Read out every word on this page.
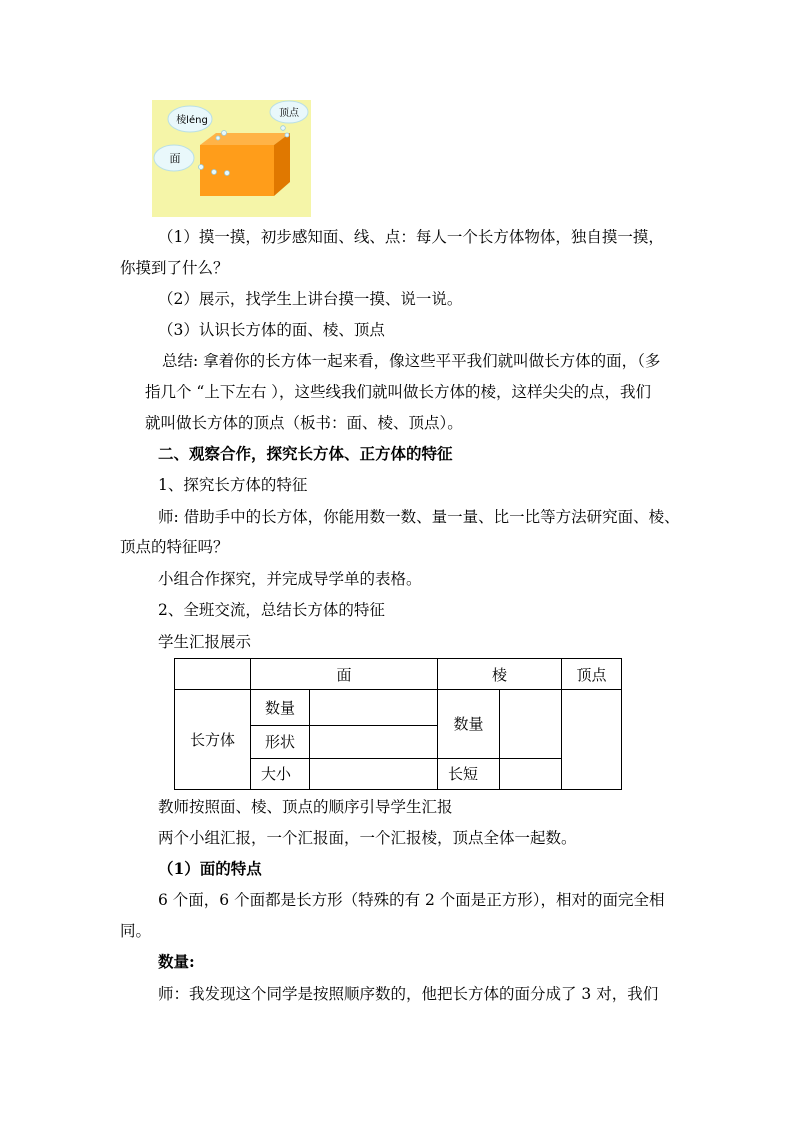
棱léng
顶点
面
（1）摸一摸，初步感知面、线、点：每人一个长方体物体，独自摸一摸，
你摸到了什么？
（2）展示，找学生上讲台摸一摸、说一说。
（3）认识长方体的面、棱、顶点
总结: 拿着你的长方体一起来看，像这些平平我们就叫做长方体的面，（多
指几个 “上下左右 ），这些线我们就叫做长方体的棱，这样尖尖的点，我们
就叫做长方体的顶点（板书：面、棱、顶点）。
二、观察合作，探究长方体、正方体的特征
1、探究长方体的特征
师: 借助手中的长方体，你能用数一数、量一量、比一比等方法研究面、棱、
顶点的特征吗？
小组合作探究，并完成导学单的表格。
2、全班交流，总结长方体的特征
学生汇报展示
	面		棱		顶点
长方体	数量		数量		
	形状				
	大小		长短		
教师按照面、棱、顶点的顺序引导学生汇报
两个小组汇报，一个汇报面，一个汇报棱，顶点全体一起数。
（1）面的特点
6 个面，6 个面都是长方形（特殊的有 2 个面是正方形），相对的面完全相
同。
数量:
师：我发现这个同学是按照顺序数的，他把长方体的面分成了 3 对，我们
